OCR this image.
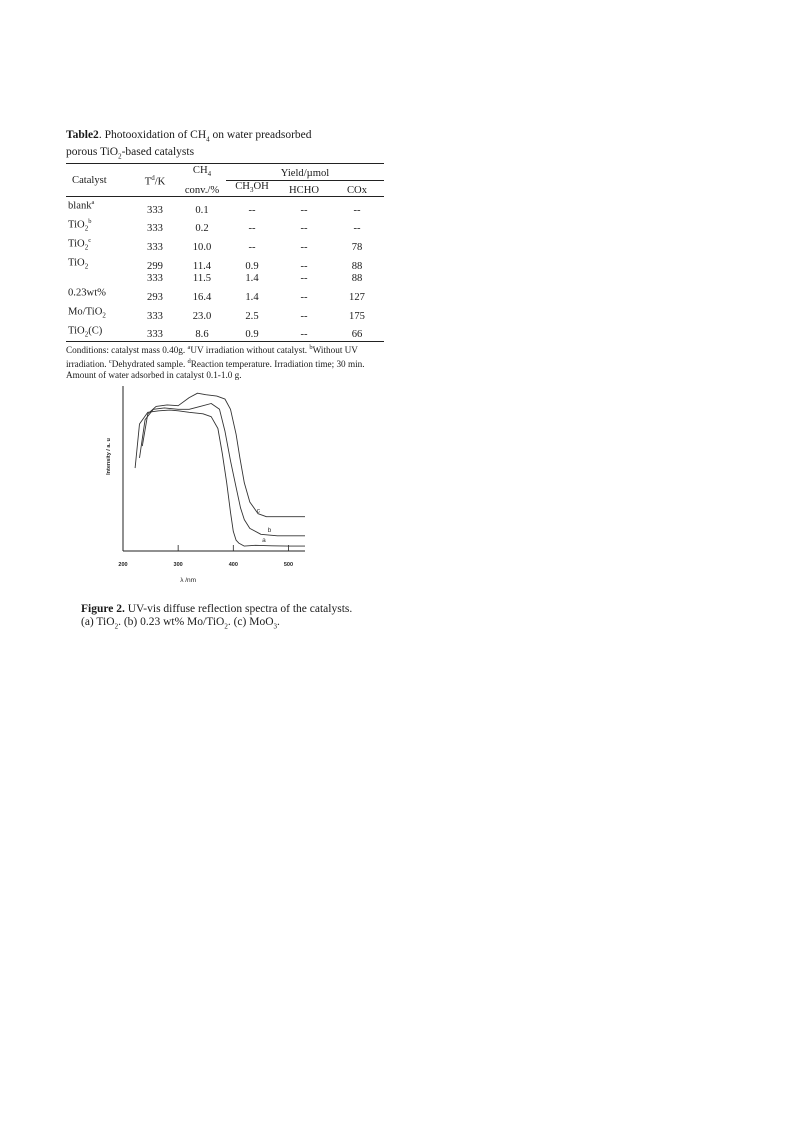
Table2. Photooxidation of $CH_4$ on water preadsorbed
porous TiO$_2$-based catalysts
Catalyst	$T^d/K$	$CH_4$	Yield/µmol		
		conv./%	$CH_3OH$	HCHO	COx
blank$^a$	333	0.1	--	--	--
TiO$_2^b$	333	0.2	--	--	--
TiO$_2^c$	333	10.0	--	--	78
TiO$_2$	299	11.4	0.9	--	88
	333	11.5	1.4	--	88
0.23wt%	293	16.4	1.4	--	127
Mo/TiO$_2$	333	23.0	2.5	--	175
TiO$_2$(C)	333	8.6	0.9	--	66
Conditions: catalyst mass 0.40g. $^a$UV irradiation without catalyst. $^b$Without UV irradiation. $^c$Dehydrated sample. $^d$Reaction temperature. Irradiation time; 30 min. Amount of water adsorbed in catalyst 0.1-1.0 g.
200	300	400	500
λ /nm
Intensity / a. u
a
b
c
Figure 2. UV-vis diffuse reflection spectra of the catalysts.
(a) TiO$_2$. (b) 0.23 wt% Mo/TiO$_2$. (c) MoO$_3$.
